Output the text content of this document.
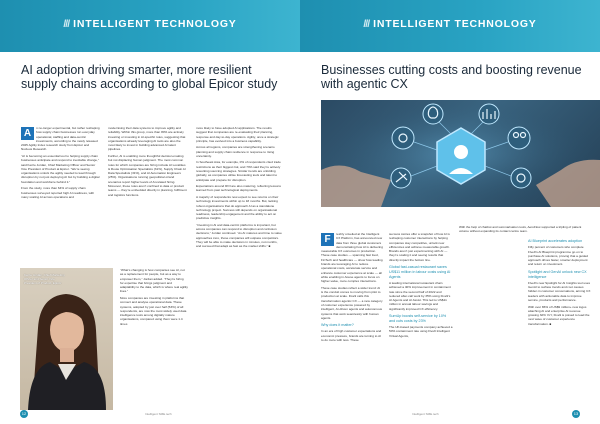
/// INTELLIGENT TECHNOLOGY
AI adoption driving smarter, more resilient supply chains according to global Epicor study

A	n no-longer experimental, but rather reshaping how supply chain businesses run everyday operational, staffing and data-centric investments, according to the newly released 2025 Agility Index research study from Epicor and Nucleus Research.

“AI is becoming an essential tool to helping supply chain businesses anticipate and respond to inevitable change,” said Kerrie Jordan, Chief Marketing Officer and Senior Vice President of Product at Epicor. “We’re seeing organisations unlock the agility needed to lead through disruption by not just deploying AI but by building a digital foundation and workforce behind it.”

From the study, more than 64% of supply chain businesses surveyed reported high AI readiness, with many scaling AI across operations and

modernising their data systems to improve agility and reliability. Within this group, more than 80% are actively investing or investing in AI-specific roles, suggesting that organisations already leveraging AI tools are also the most likely to invest in building advanced AI talent pipelines.

Further, AI is enabling more thoughtful decision-making but not displacing human judgment. The most common roles for which companies are hiring include AI Localities & Route Optimisation Specialists (31%), Supply Chain AI Data Specialists (31%), and AI Automation Engineers (25%). Organisations running geopolitical or/and scenarios report higher levels of AI-related hiring. Moreover, these roles aren’t confined to data or product teams — they’re embedded directly in planning, fulfilment and logistics functions.

“What’s changing is how companies see AI, not as a replacement for people, but as a way to empower them,” Jordan added. “They’re hiring for expertise that brings judgment and adaptability to the data, which is where real agility lives.”

More companies are investing in platforms that connect and analyse operational data. These systems, adopted by just over half (53%) of all respondents, are now the most widely used data intelligence tools among digitally mature organisations, compared using them were 1.4 times

more likely to have adopted AI applications. The results suggest that companies are re-evaluating their planning, response and day-to-day operations. Agility, once a strategic principle, has evolved into a business capability.

Across all regions, companies are strengthening scenario planning and supply chain resilience in response to rising uncertainty.

In Southeast Asia, for example, 0% of respondents cited trade restrictions as their biggest risk, and 73% said they’re actively reworking sourcing strategies. Similar trends are unfolding globally, as companies utilise forecasting tools and talent to anticipate and prepare for disruption.

Expectations around ROI are also maturing, reflecting lessons learned from past technological deployments.

A majority of respondents now expect to see returns on their technology investments within up to 18 months. But, lacking robust organisations that do approach AI as a standalone technology project. Success still depends on organisational readiness, leadership engagement and the ability to act on predictive insights.

“Investing in AI and data-centric platforms is important, but across companies can respond to disruption and confusion decisions,” Jordan continued. “As AI matures and time to value approaches zero, those companies will outpace competitors. They will be able to make decisions in minutes, not months, and succeed that adapt as fast as the market shifts.” ■

Kerrie Jordan, Chief Marketing
Officer and Senior Vice
President of Product, Epicor
12	Intelligent SME.tech
/// INTELLIGENT TECHNOLOGY
Businesses cutting costs and boosting revenue with agentic CX

F	reshly unveiled at the Intelligent CX Platform, has announced new data from three global customers demonstrating how AI is delivering measurable CX outcomes in production. These case studies — spanning fast food, FinTech and healthcare — show how leading brands are leveraging AI to reduce operational costs, accelerate service and enhance customer experience at scale — all while enabling in-house agents to focus on higher-value, more complex interactions.

These case studies reflect a wider trend: AI is the conduit comes to moving from pilot to production at scale. Five9 calls this transformation agentic CX — a new category of customer experience powered by intelligent, AI-driven agents and autonomous systems that work seamlessly with human agents.

Why does it matter?

In an era of high customer expectations and economic pressure, brands are turning to AI to do more with less. These

success stories offer a snapshot of how AI is reshaping customer interactions by helping companies stay competitive, unlock new efficiencies and achieve measurable growth. Brands aren’t just experimenting with AI — they’re scaling it and seeing results that directly impact the bottom line.

Global fast-casual restaurant saves US$11 million in labour costs using AI Agents

A leading international restaurant chain achieved a 40% improvement in containment rate since the second half of 2022 and reduced after-call work by 35% using Five9’s AI Agents and AI Assist. This led to US$11 million in annual labour savings and significantly improved CX efficiency.

SumUp boosts self-service by 10% and cuts costs by 23%

The UK-based payments company achieved a 50% containment rate using Five9 Intelligent Virtual Agents,

With the help of chatbot and summarisation tools, AeroFlow supported a tripling of patient volume without expanding its contact centre team.

AI Blueprint accelerates adoption

Fifty percent of customers who complete Five9’s AI Blueprint programme go on to purchase AI solutions, proving that a guided approach drives faster, smarter deployment and return on investment.

Spotlight and GenAI unlock new CX intelligence

Five9’s new Spotlight for AI Insights tool uses GenAI to surface trends and root causes hidden in customer conversations, arming CX leaders with actionable data to improve service, products and performance.

With over 86% of US$9 million+ new logos attaching AI and enterprise AI revenue growing 32% YoY, Five9 is poised to lead the next wave of customer experience transformation. ■

13
Intelligent SME.tech
